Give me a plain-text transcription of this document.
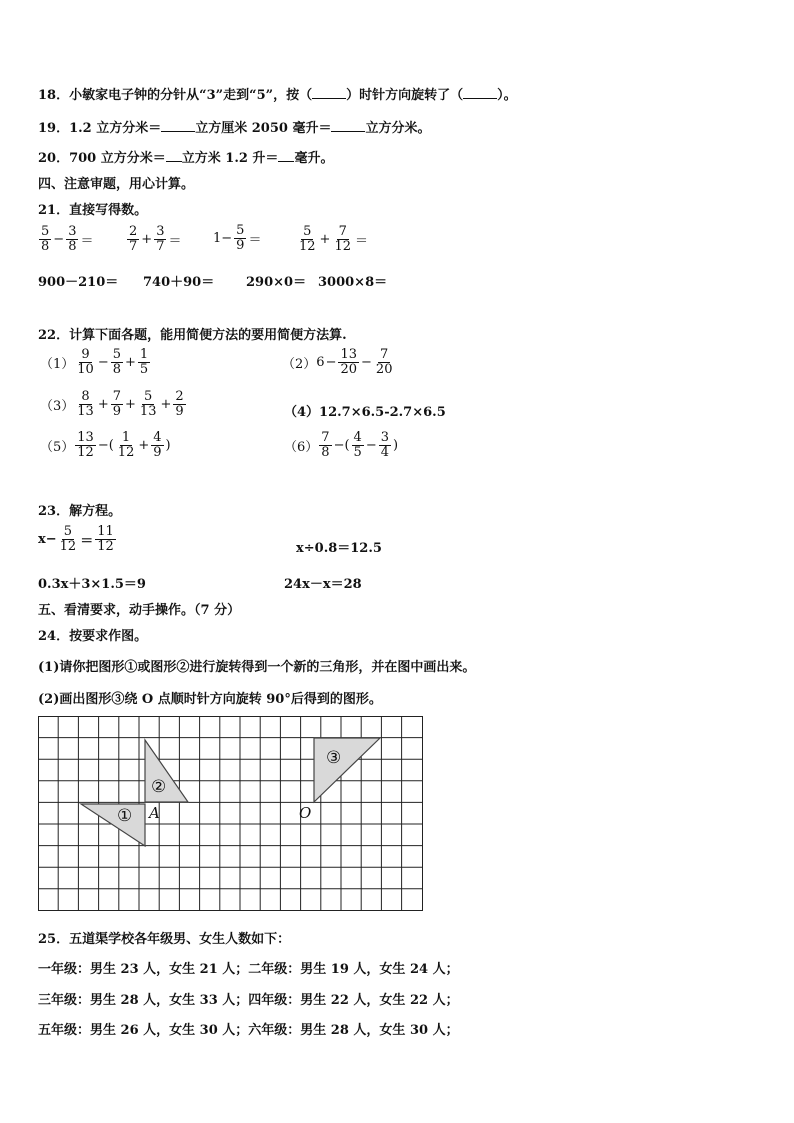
18．小敏家电子钟的分针从“3”走到“5”，按（	）时针方向旋转了（	）。
19．1.2 立方分米＝	立方厘米 2050 毫升＝	立方分米。
20．700 立方分米＝ 立方米 1.2 升＝ 毫升。
四、注意审题，用心计算。
21．直接写得数。
$\frac{5}{8} - \frac{3}{8}$ ＝	$\frac{2}{7} + \frac{3}{7} = 1- \frac{5}{9}$ ＝	$\frac{5}{12} + \frac{7}{12}$ ＝
900－210＝ 740＋90＝ 290×0＝ 3000×8＝
22．计算下面各题，能用简便方法的要用简便方法算.
$(1) \frac{9}{10} - \frac{5}{8} + \frac{1}{5}$	（2） $6 - \frac{13}{20} - \frac{7}{20}$
$(3) \frac{8}{13} + \frac{7}{9} + \frac{5}{13} + \frac{2}{9}$	（4）12.7×6.5-2.7×6.5
$(5) \frac{13}{12}$ −( $\frac{1}{12} + \frac{4}{9}$ )	$(6) \frac{7}{8}$ −( $\frac{4}{5} - \frac{3}{4}$ )
23．解方程。
$x- \frac{5}{12} = \frac{11}{12}$	x÷0.8＝12.5
0.3x＋3×1.5＝9	24x－x＝28
五、看清要求，动手操作。（7 分）
24．按要求作图。
(1)请你把图形①或图形②进行旋转得到一个新的三角形，并在图中画出来。
(2)画出图形③绕 O 点顺时针方向旋转 90°后得到的图形。
①
②
③
A	O
25．五道渠学校各年级男、女生人数如下：
一年级：男生 23 人，女生 21 人；二年级：男生 19 人，女生 24 人；
三年级：男生 28 人，女生 33 人；四年级：男生 22 人，女生 22 人；
五年级：男生 26 人，女生 30 人；六年级：男生 28 人，女生 30 人；
